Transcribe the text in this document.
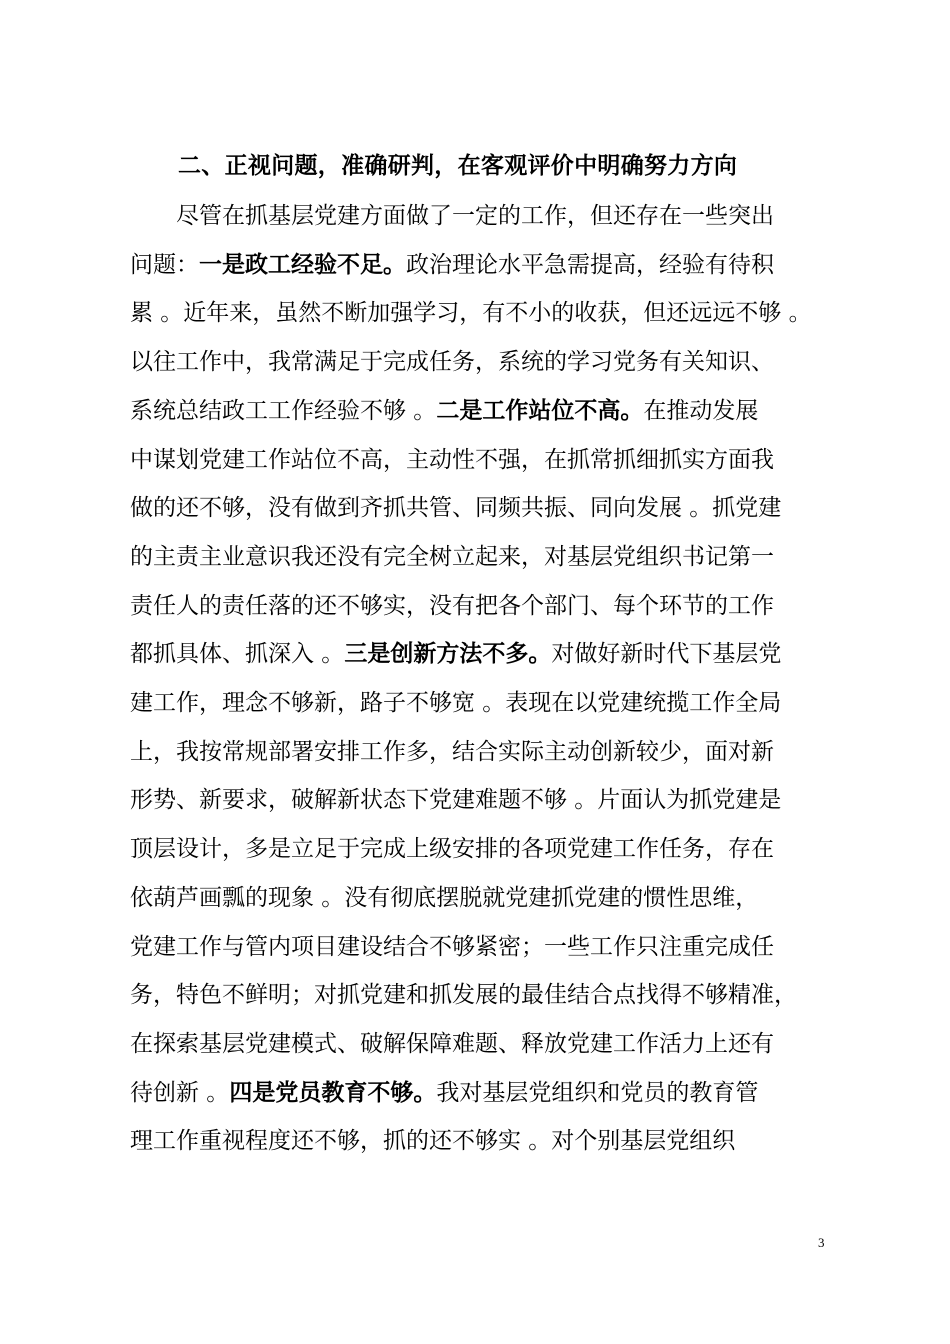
二、正视问题，准确研判，在客观评价中明确努力方向
尽管在抓基层党建方面做了一定的工作，但还存在一些突出
问题：一是政工经验不足。政治理论水平急需提高，经验有待积
累 。近年来，虽然不断加强学习，有不小的收获，但还远远不够 。
以往工作中，我常满足于完成任务，系统的学习党务有关知识、
系统总结政工工作经验不够 。二是工作站位不高。在推动发展
中谋划党建工作站位不高，主动性不强，在抓常抓细抓实方面我
做的还不够，没有做到齐抓共管、同频共振、同向发展 。抓党建
的主责主业意识我还没有完全树立起来，对基层党组织书记第一
责任人的责任落的还不够实，没有把各个部门、每个环节的工作
都抓具体、抓深入 。三是创新方法不多。对做好新时代下基层党
建工作，理念不够新，路子不够宽 。表现在以党建统揽工作全局
上，我按常规部署安排工作多，结合实际主动创新较少，面对新
形势、新要求，破解新状态下党建难题不够 。片面认为抓党建是
顶层设计，多是立足于完成上级安排的各项党建工作任务，存在
依葫芦画瓢的现象 。没有彻底摆脱就党建抓党建的惯性思维，
党建工作与管内项目建设结合不够紧密；一些工作只注重完成任
务，特色不鲜明；对抓党建和抓发展的最佳结合点找得不够精准，
在探索基层党建模式、破解保障难题、释放党建工作活力上还有
待创新 。四是党员教育不够。我对基层党组织和党员的教育管
理工作重视程度还不够，抓的还不够实 。对个别基层党组织
3
